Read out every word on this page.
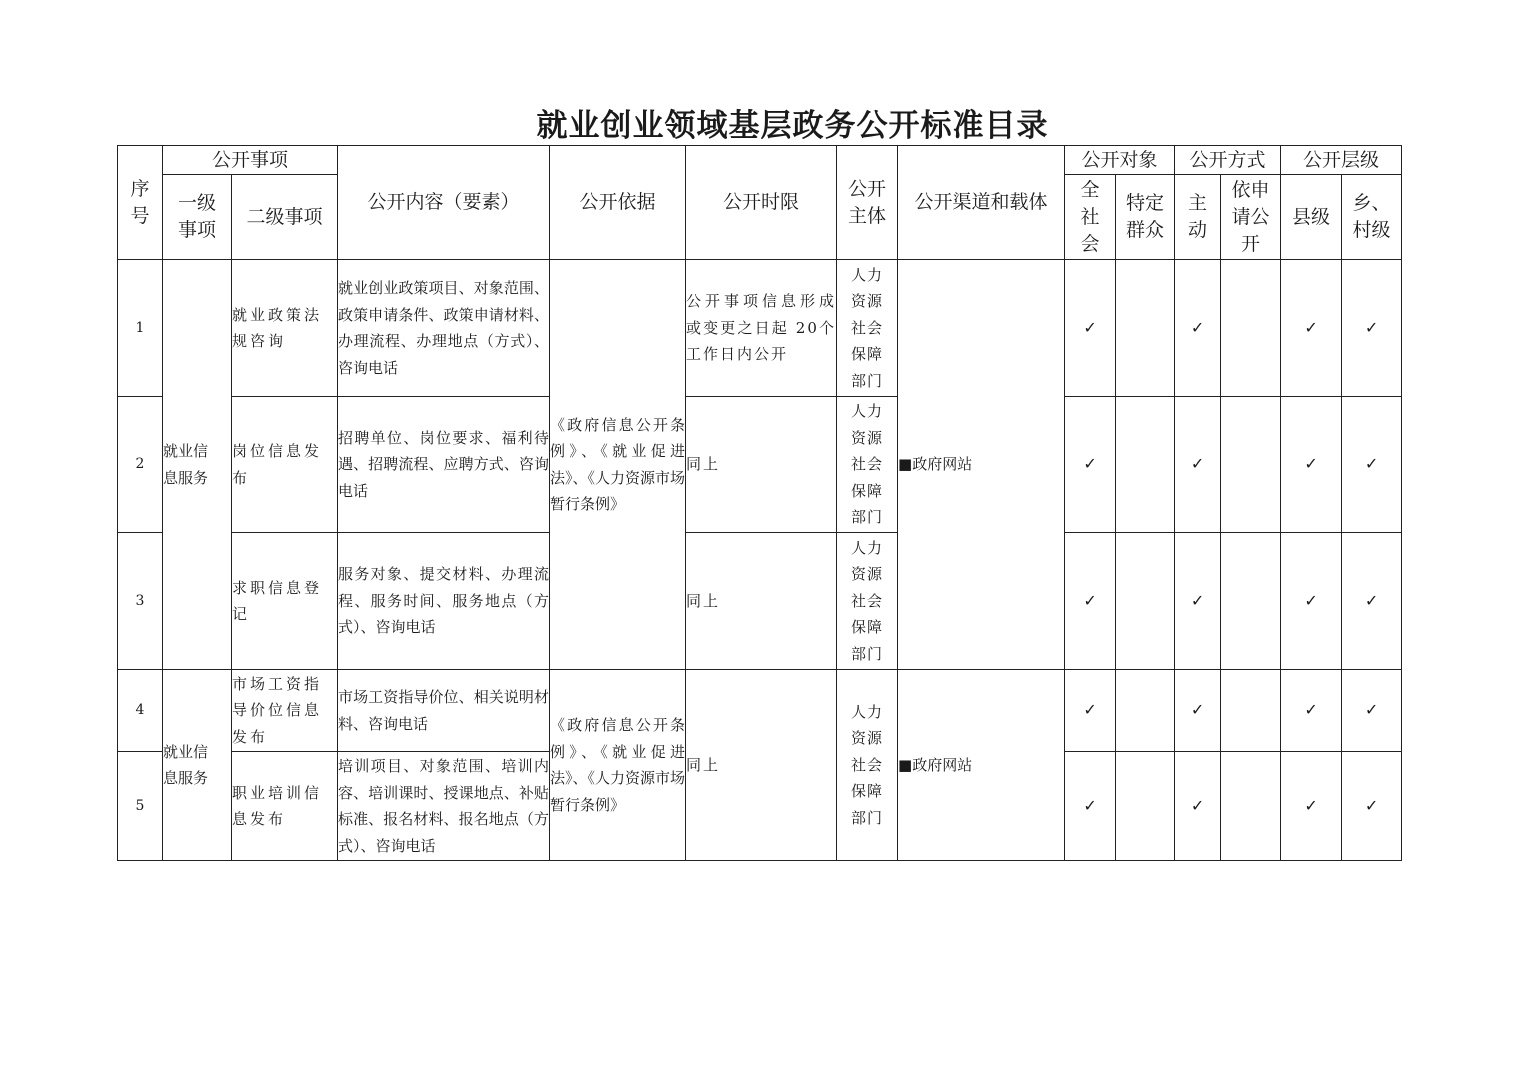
就业创业领域基层政务公开标准目录
序号	公开事项		公开内容（要素）	公开依据	公开时限	公开主体	公开渠道和载体	公开对象		公开方式		公开层级	

	一级事项	二级事项						全社会	特定群众	主动	依申请公开	县级	乡、村级

1	就业信息服务	就业政策法 规咨询	就业创业政策项目、对象范围、政策申请条件、政策申请材料、办理流程、办理地点（方式）、咨询电话	《政府信息公开条例》、《就业促进法》、《人力资源市场暂行条例》	公开事项信息形成 或变更之日起 20个工作日内公开	人力资源社会保障部门	■政府网站	✓		✓		✓	✓
2		岗位信息发 布	招聘单位、岗位要求、福利待遇、招聘流程、应聘方式、咨询电话		同上	人力资源社会保障部门		✓		✓		✓	✓
3		求职信息登 记	服务对象、提交材料、办理流程、服务时间、服务地点（方式）、咨询电话		同上	人力资源社会保障部门		✓		✓		✓	✓
4	就业信息服务	市场工资指 导价位信息 发布	市场工资指导价位、相关说明材料、咨询电话	《政府信息公开条例》、《就业促进法》、《人力资源市场暂行条例》	同上	人力资源社会保障部门	■政府网站	✓		✓		✓	✓
5		职业培训信 息发布	培训项目、对象范围、培训内容、培训课时、授课地点、补贴标准、报名材料、报名地点（方式）、咨询电话					✓		✓		✓	✓
